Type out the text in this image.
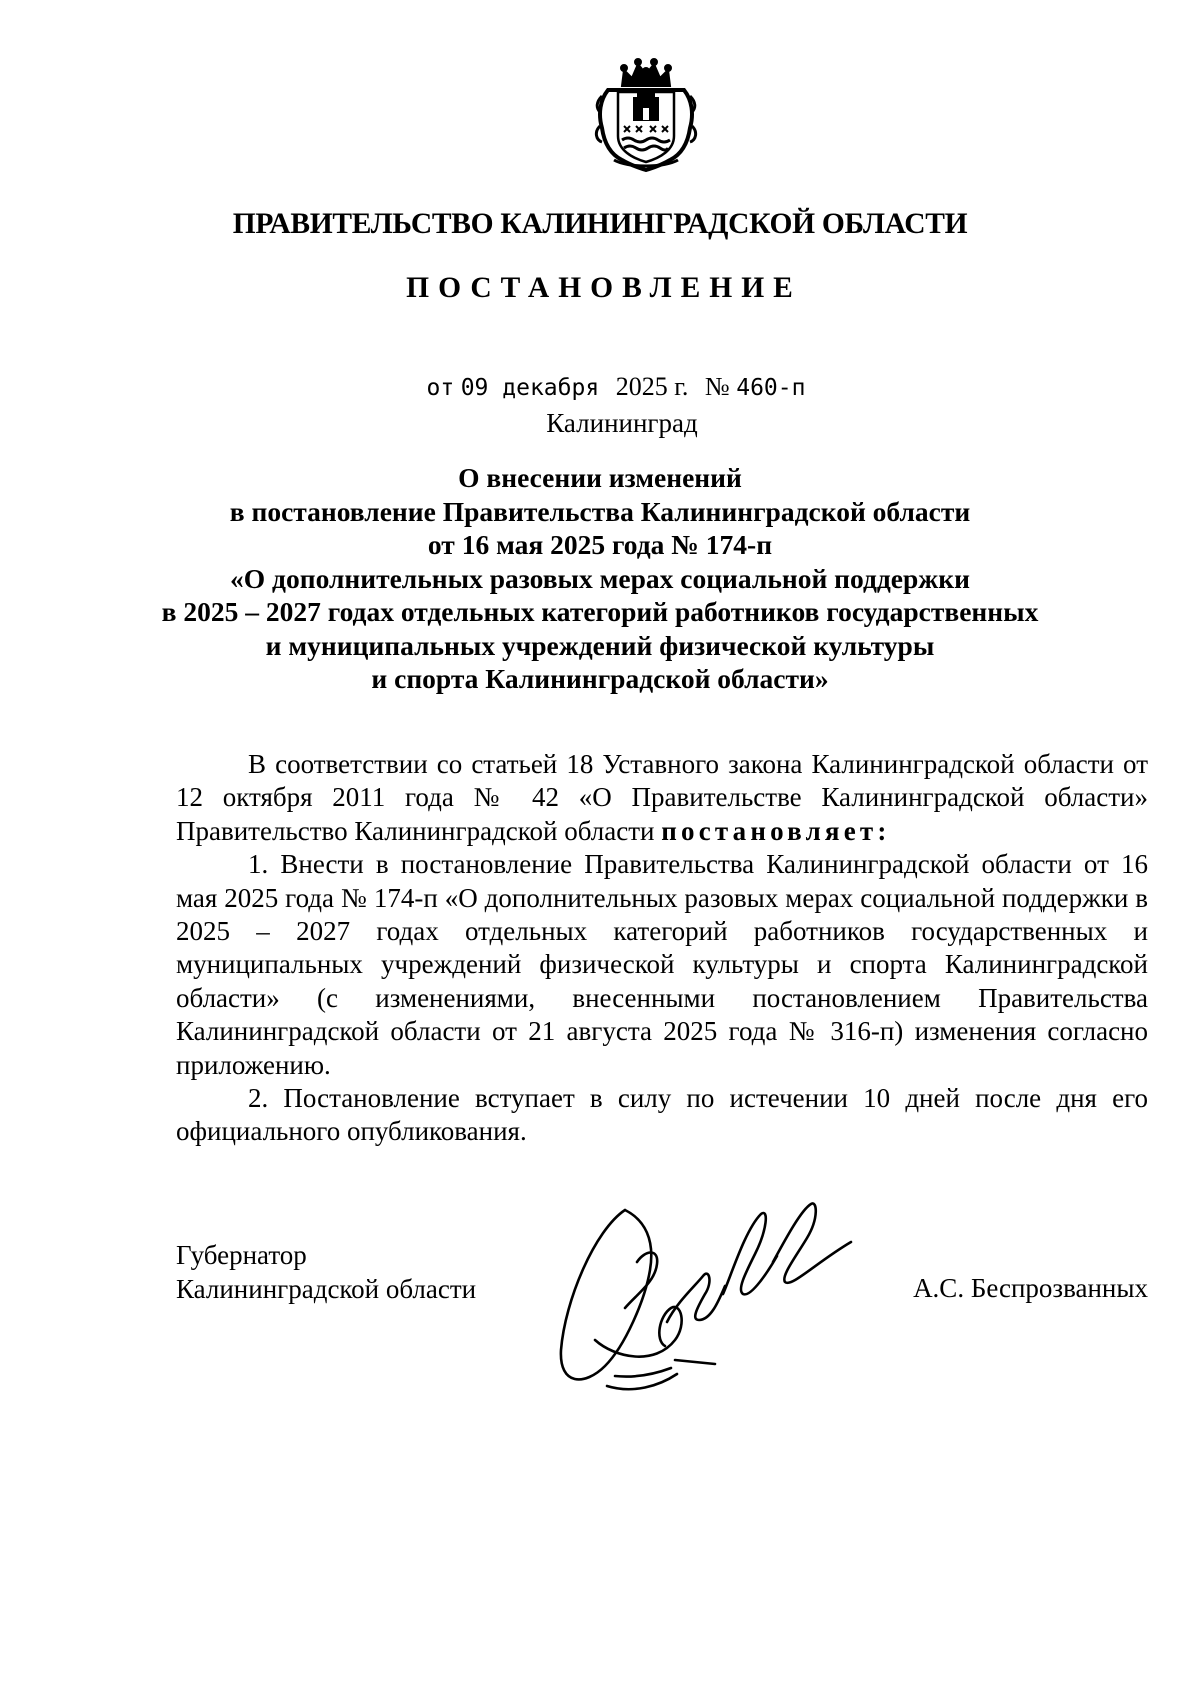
ПРАВИТЕЛЬСТВО КАЛИНИНГРАДСКОЙ ОБЛАСТИ
ПОСТАНОВЛЕНИЕ
от 09 декабря 2025 г. № 460-п
Калининград
О внесении изменений
в постановление Правительства Калининградской области
от 16 мая 2025 года № 174-п
«О дополнительных разовых мерах социальной поддержки
в 2025 – 2027 годах отдельных категорий работников государственных
и муниципальных учреждений физической культуры
и спорта Калининградской области»

В соответствии со статьей 18 Уставного закона Калининградской области от 12 октября 2011 года № 42 «О Правительстве Калининградской области» Правительство Калининградской области постановляет:

1. Внести в постановление Правительства Калининградской области от 16 мая 2025 года № 174-п «О дополнительных разовых мерах социальной поддержки в 2025 – 2027 годах отдельных категорий работников государственных и муниципальных учреждений физической культуры и спорта Калининградской области» (с изменениями, внесенными постановлением Правительства Калининградской области от 21 августа 2025 года № 316-п) изменения согласно приложению.

2. Постановление вступает в силу по истечении 10 дней после дня его официального опубликования.

Губернатор
Калининградской области	А.С. Беспрозванных
